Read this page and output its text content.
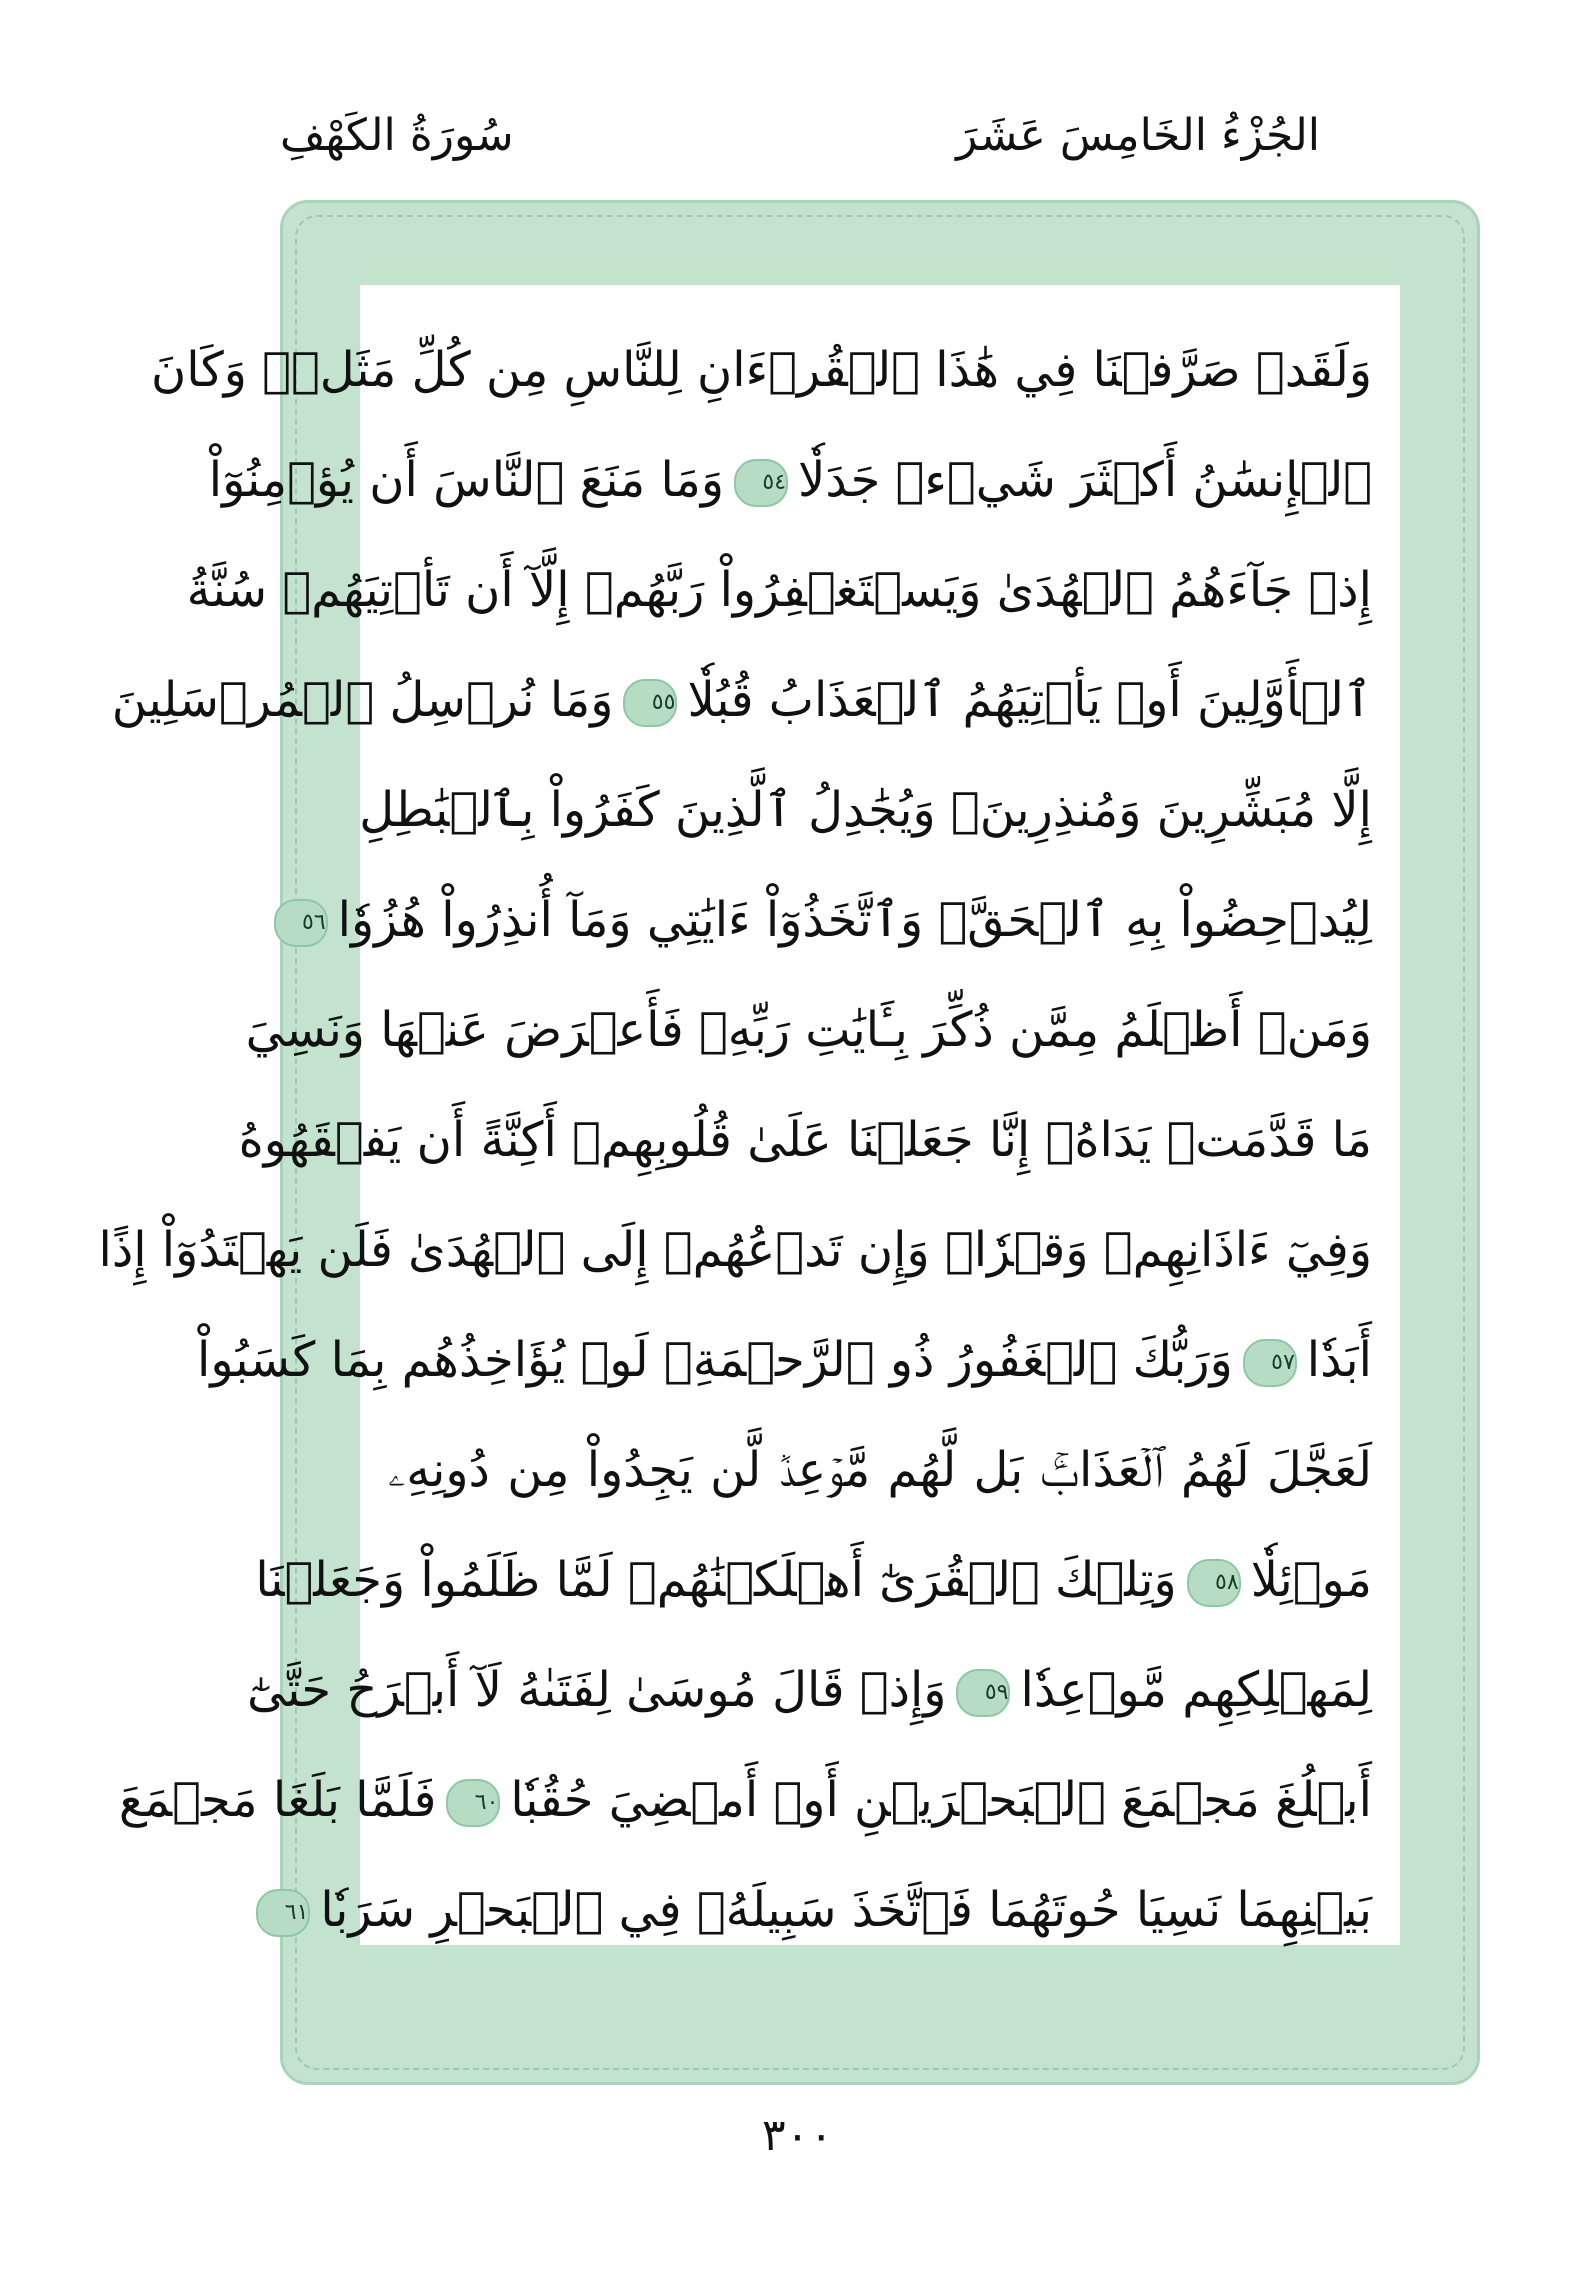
الجُزْءُ الخَامِسَ عَشَرَ
سُورَةُ الكَهْفِ
وَلَقَدۡ صَرَّفۡنَا فِي هَٰذَا ٱلۡقُرۡءَانِ لِلنَّاسِ مِن كُلِّ مَثَلٖۚ وَكَانَ
ٱلۡإِنسَٰنُ أَكۡثَرَ شَيۡءٖ جَدَلٗا٥٤وَمَا مَنَعَ ٱلنَّاسَ أَن يُؤۡمِنُوٓاْ
إِذۡ جَآءَهُمُ ٱلۡهُدَىٰ وَيَسۡتَغۡفِرُواْ رَبَّهُمۡ إِلَّآ أَن تَأۡتِيَهُمۡ سُنَّةُ
ٱلۡأَوَّلِينَ أَوۡ يَأۡتِيَهُمُ ٱلۡعَذَابُ قُبُلٗا٥٥وَمَا نُرۡسِلُ ٱلۡمُرۡسَلِينَ
إِلَّا مُبَشِّرِينَ وَمُنذِرِينَۚ وَيُجَٰدِلُ ٱلَّذِينَ كَفَرُواْ بِٱلۡبَٰطِلِ
لِيُدۡحِضُواْ بِهِ ٱلۡحَقَّۖ وَٱتَّخَذُوٓاْ ءَايَٰتِي وَمَآ أُنذِرُواْ هُزُوٗا٥٦
وَمَنۡ أَظۡلَمُ مِمَّن ذُكِّرَ بِـَٔايَٰتِ رَبِّهِۦ فَأَعۡرَضَ عَنۡهَا وَنَسِيَ
مَا قَدَّمَتۡ يَدَاهُۚ إِنَّا جَعَلۡنَا عَلَىٰ قُلُوبِهِمۡ أَكِنَّةً أَن يَفۡقَهُوهُ
وَفِيٓ ءَاذَانِهِمۡ وَقۡرٗاۖ وَإِن تَدۡعُهُمۡ إِلَى ٱلۡهُدَىٰ فَلَن يَهۡتَدُوٓاْ إِذًا
أَبَدٗا٥٧وَرَبُّكَ ٱلۡغَفُورُ ذُو ٱلرَّحۡمَةِۖ لَوۡ يُؤَاخِذُهُم بِمَا كَسَبُواْ
لَعَجَّلَ لَهُمُ ٱلۡعَذَابَۚ بَل لَّهُم مَّوۡعِدٞ لَّن يَجِدُواْ مِن دُونِهِۦ
مَوۡئِلٗا٥٨وَتِلۡكَ ٱلۡقُرَىٰٓ أَهۡلَكۡنَٰهُمۡ لَمَّا ظَلَمُواْ وَجَعَلۡنَا
لِمَهۡلِكِهِم مَّوۡعِدٗا٥٩وَإِذۡ قَالَ مُوسَىٰ لِفَتَىٰهُ لَآ أَبۡرَحُ حَتَّىٰٓ
أَبۡلُغَ مَجۡمَعَ ٱلۡبَحۡرَيۡنِ أَوۡ أَمۡضِيَ حُقُبٗا٦٠فَلَمَّا بَلَغَا مَجۡمَعَ
بَيۡنِهِمَا نَسِيَا حُوتَهُمَا فَٱتَّخَذَ سَبِيلَهُۥ فِي ٱلۡبَحۡرِ سَرَبٗا٦١
٣٠٠
